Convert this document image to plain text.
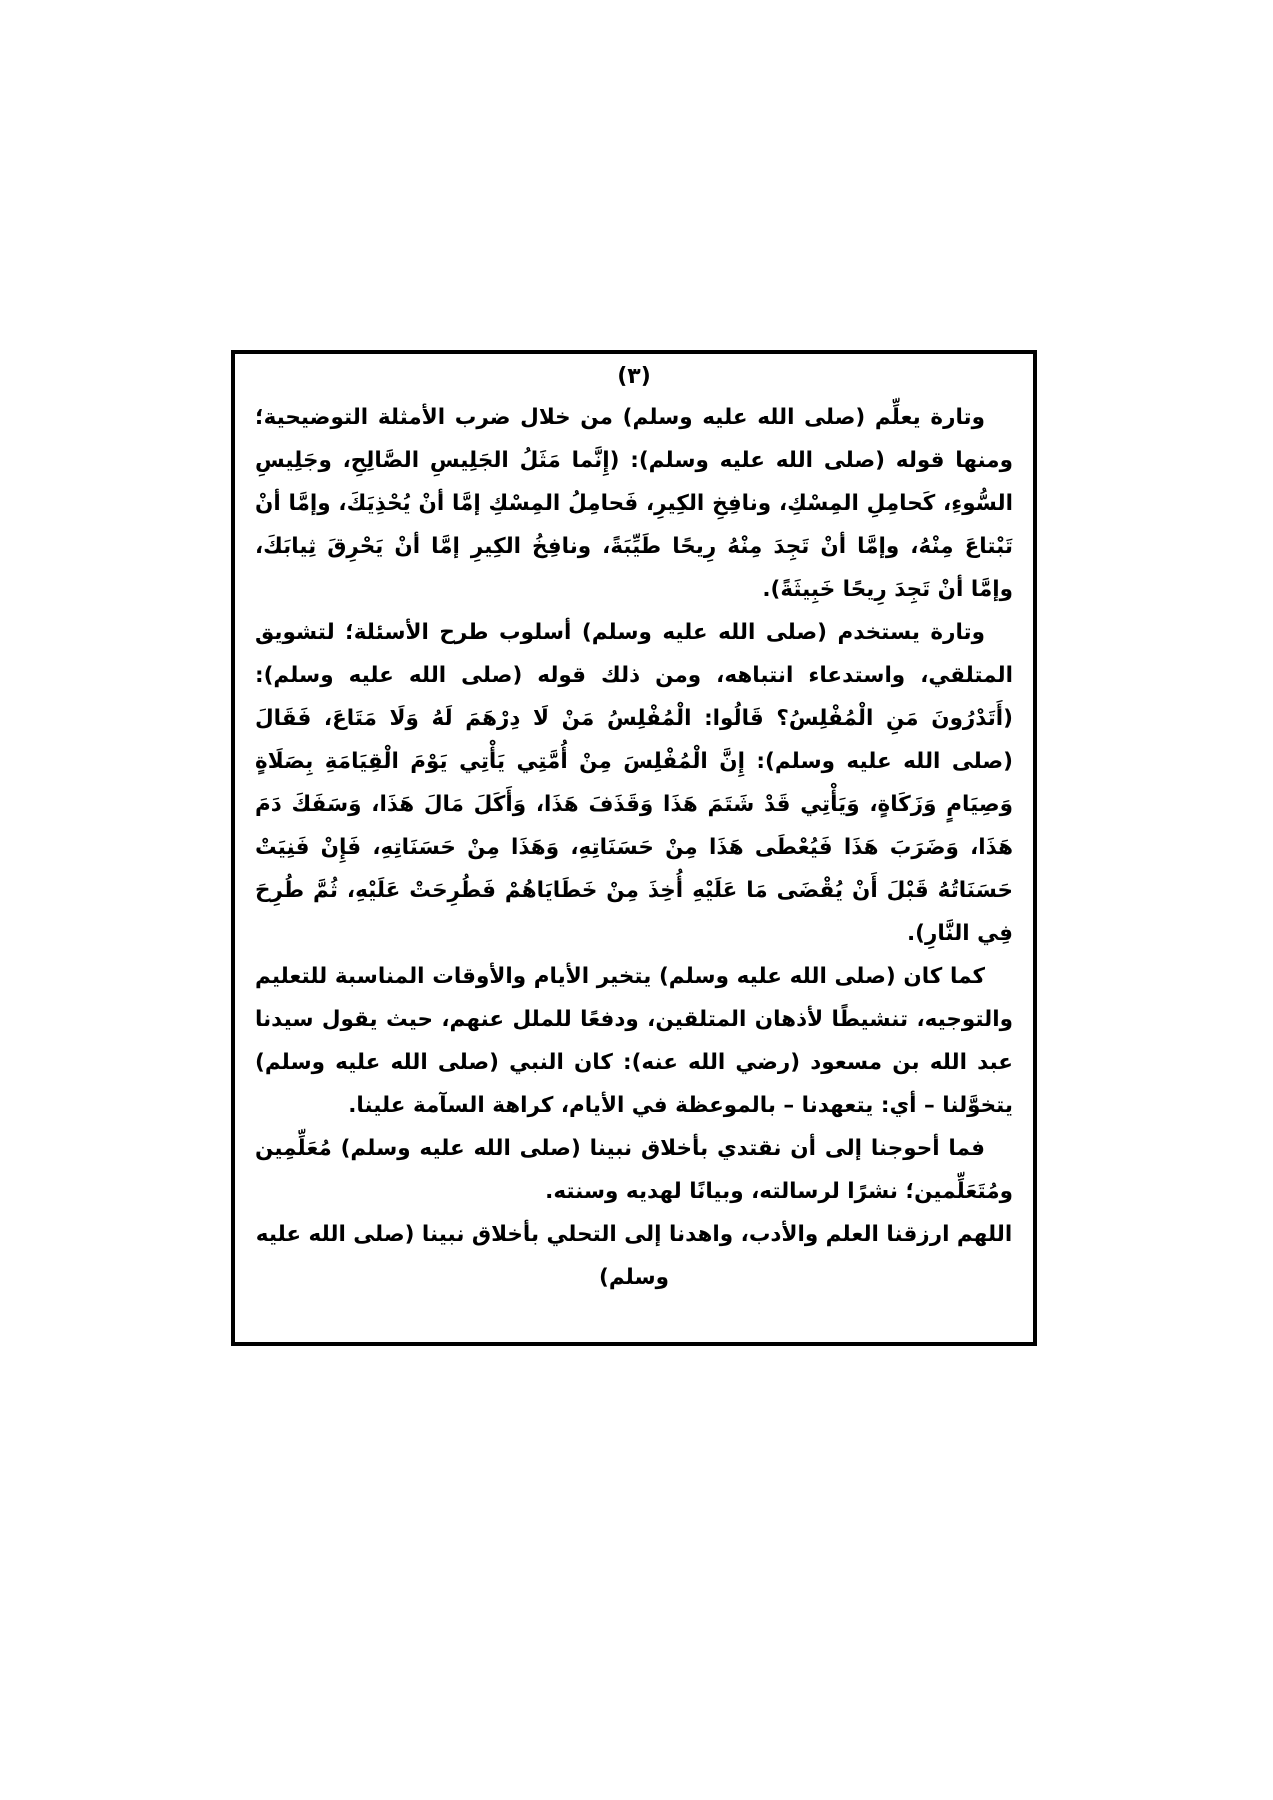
(٣)

وتارة يعلِّم (صلى الله عليه وسلم) من خلال ضرب الأمثلة التوضيحية؛ ومنها قوله (صلى الله عليه وسلم): (إِنَّما مَثَلُ الجَلِيسِ الصَّالِحِ، وجَلِيسِ السُّوءِ، كَحامِلِ المِسْكِ، ونافِخِ الكِيرِ، فَحامِلُ المِسْكِ إمَّا أنْ يُحْذِيَكَ، وإمَّا أنْ تَبْتاعَ مِنْهُ، وإمَّا أنْ تَجِدَ مِنْهُ رِيحًا طَيِّبَةً، ونافِخُ الكِيرِ إمَّا أنْ يَحْرِقَ ثِيابَكَ، وإمَّا أنْ تَجِدَ رِيحًا خَبِيثَةً).

وتارة يستخدم (صلى الله عليه وسلم) أسلوب طرح الأسئلة؛ لتشويق المتلقي، واستدعاء انتباهه، ومن ذلك قوله (صلى الله عليه وسلم): (أَتَدْرُونَ مَنِ الْمُفْلِسُ؟ قَالُوا: الْمُفْلِسُ مَنْ لَا دِرْهَمَ لَهُ وَلَا مَتَاعَ، فَقَالَ (صلى الله عليه وسلم): إِنَّ الْمُفْلِسَ مِنْ أُمَّتِي يَأْتِي يَوْمَ الْقِيَامَةِ بِصَلَاةٍ وَصِيَامٍ وَزَكَاةٍ، وَيَأْتِي قَدْ شَتَمَ هَذَا وَقَذَفَ هَذَا، وَأَكَلَ مَالَ هَذَا، وَسَفَكَ دَمَ هَذَا، وَضَرَبَ هَذَا فَيُعْطَى هَذَا مِنْ حَسَنَاتِهِ، وَهَذَا مِنْ حَسَنَاتِهِ، فَإِنْ فَنِيَتْ حَسَنَاتُهُ قَبْلَ أَنْ يُقْضَى مَا عَلَيْهِ أُخِذَ مِنْ خَطَايَاهُمْ فَطُرِحَتْ عَلَيْهِ، ثُمَّ طُرِحَ فِي النَّارِ).

كما كان (صلى الله عليه وسلم) يتخير الأيام والأوقات المناسبة للتعليم والتوجيه، تنشيطًا لأذهان المتلقين، ودفعًا للملل عنهم، حيث يقول سيدنا عبد الله بن مسعود (رضي الله عنه): كان النبي (صلى الله عليه وسلم) يتخوَّلنا – أي: يتعهدنا – بالموعظة في الأيام، كراهة السآمة علينا.

فما أحوجنا إلى أن نقتدي بأخلاق نبينا (صلى الله عليه وسلم) مُعَلِّمِين ومُتَعَلِّمين؛ نشرًا لرسالته، وبيانًا لهديه وسنته.

اللهم ارزقنا العلم والأدب، واهدنا إلى التحلي بأخلاق نبينا (صلى الله عليه وسلم)
